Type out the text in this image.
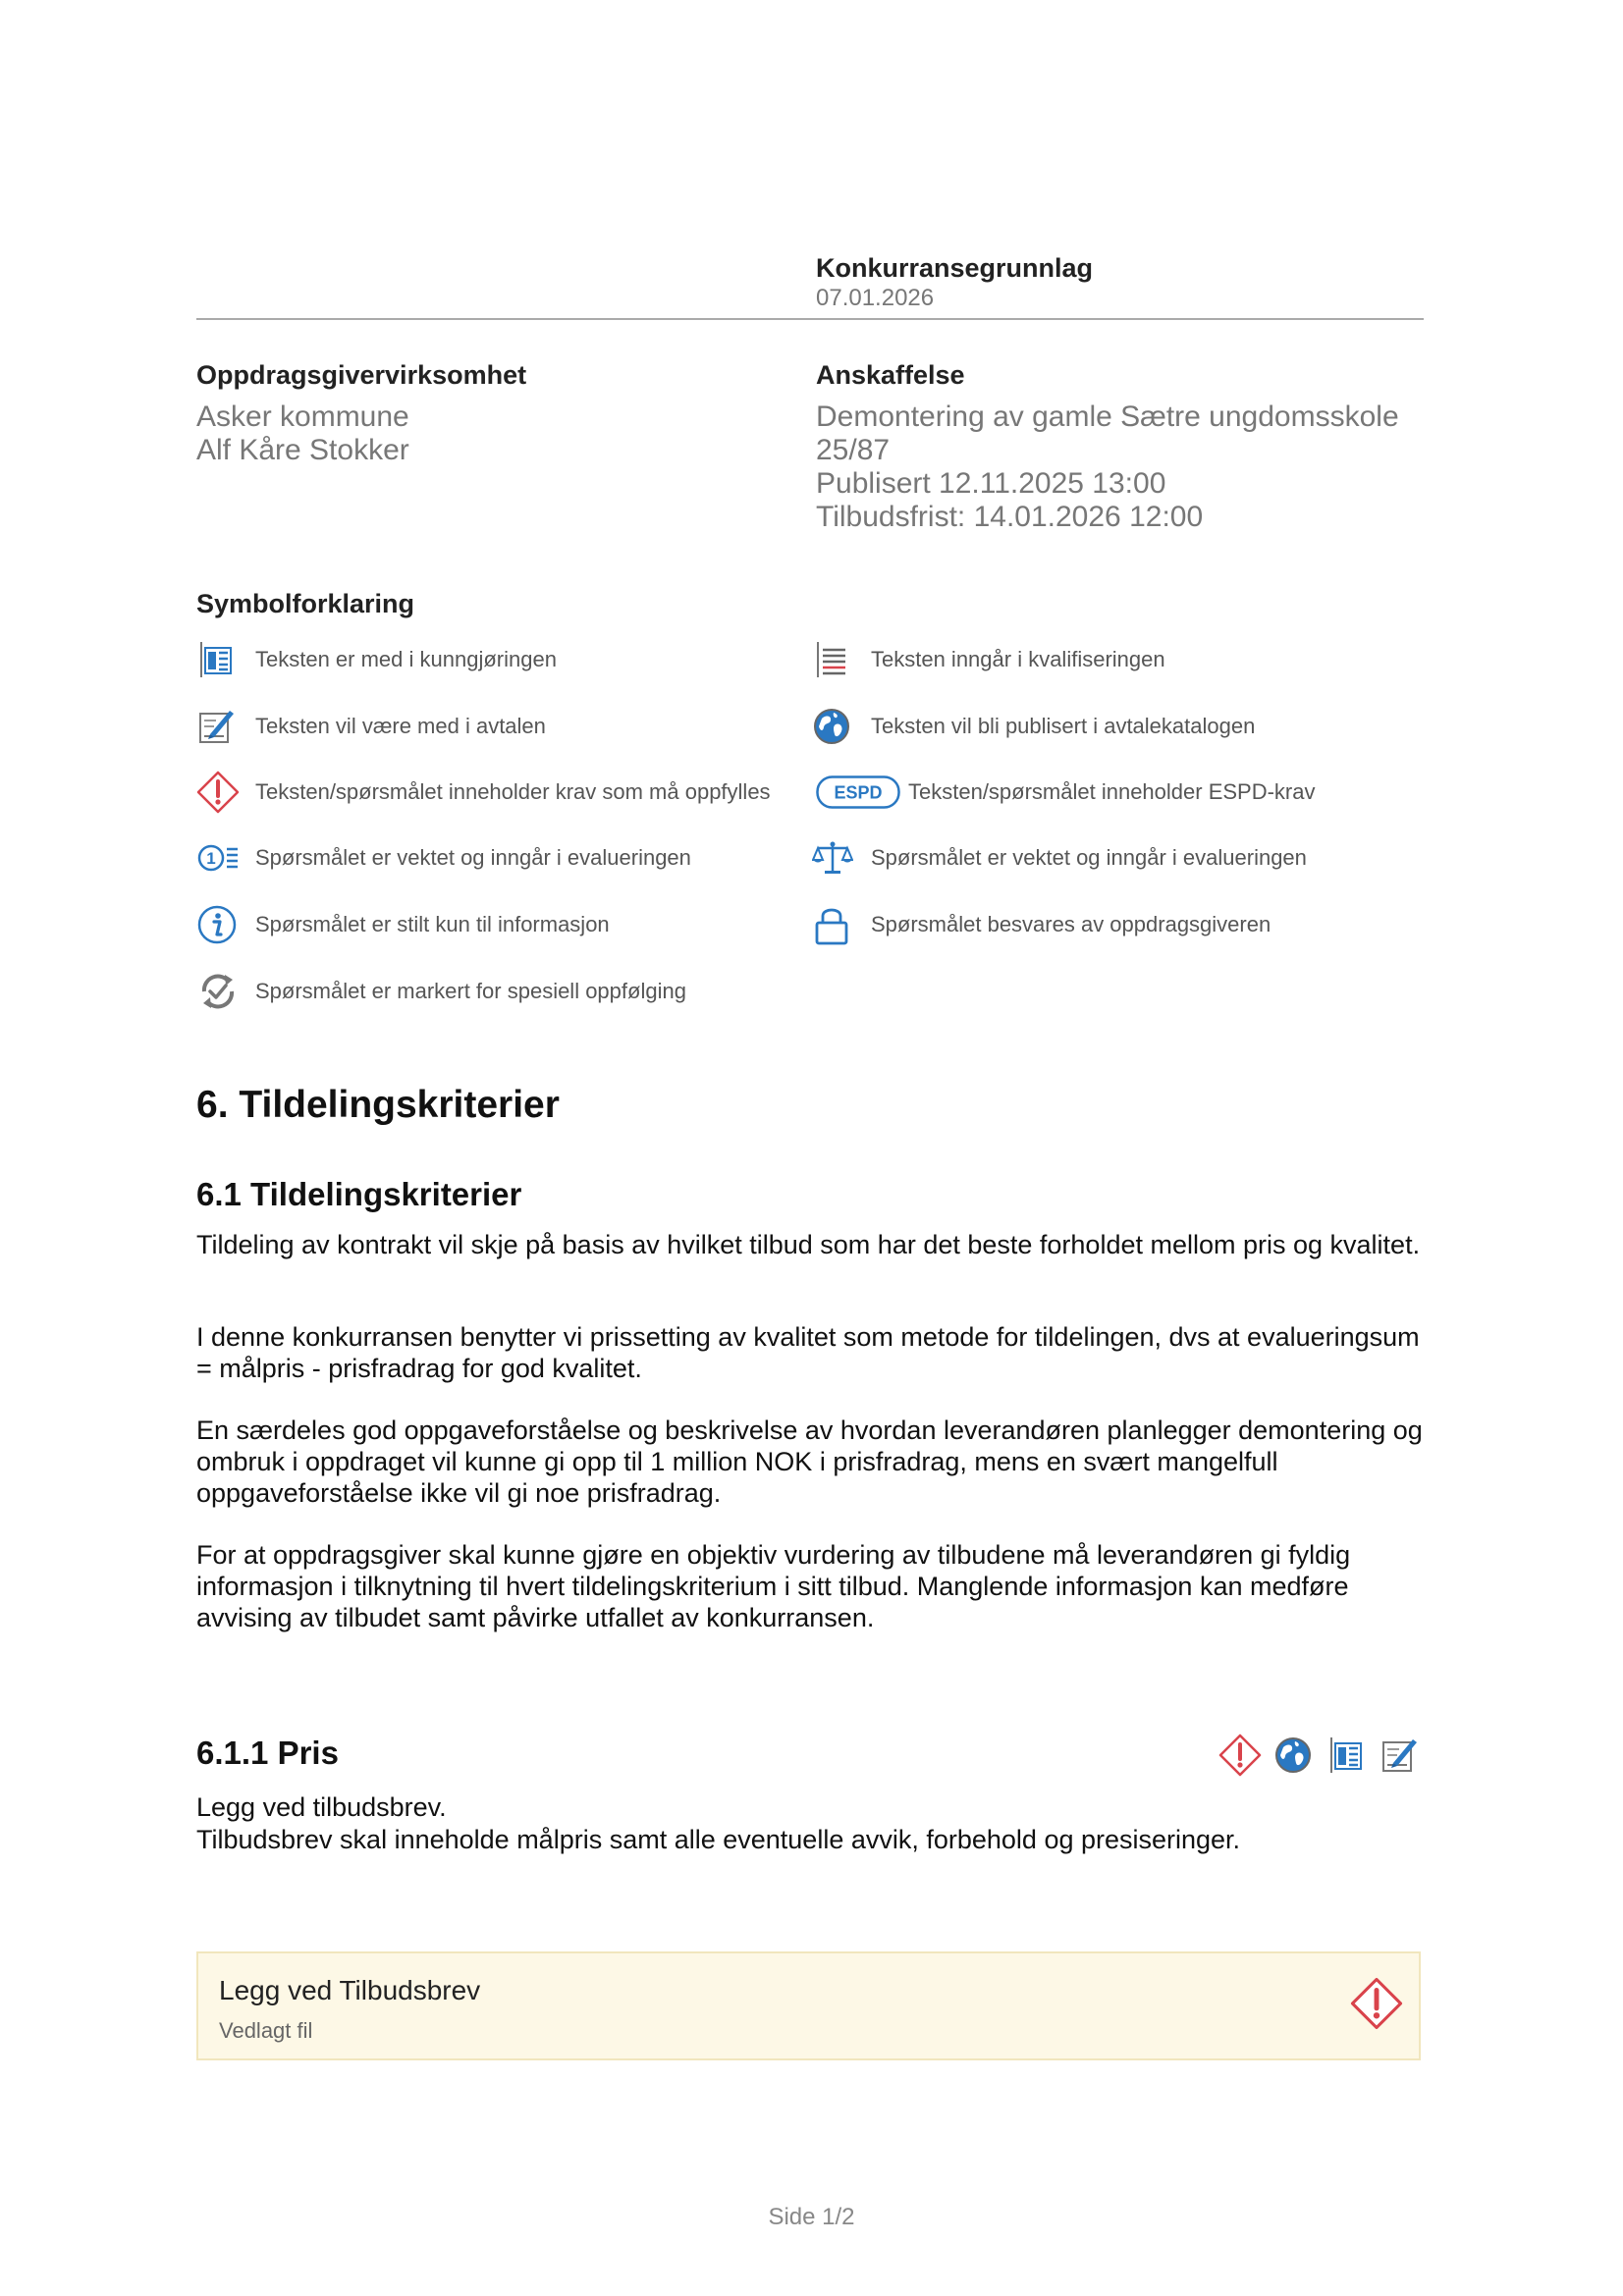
Konkurransegrunnlag
07.01.2026
Oppdragsgivervirksomhet
Asker kommune
Alf Kåre Stokker
Anskaffelse
Demontering av gamle Sætre ungdomsskole
25/87
Publisert 12.11.2025 13:00
Tilbudsfrist: 14.01.2026 12:00
Symbolforklaring
Teksten er med i kunngjøringen	Teksten inngår i kvalifiseringen
Teksten vil være med i avtalen	Teksten vil bli publisert i avtalekatalogen
Teksten/spørsmålet inneholder krav som må oppfylles	ESPD Teksten/spørsmålet inneholder ESPD-krav
1 Spørsmålet er vektet og inngår i evalueringen	Spørsmålet er vektet og inngår i evalueringen
Spørsmålet er stilt kun til informasjon	Spørsmålet besvares av oppdragsgiveren
Spørsmålet er markert for spesiell oppfølging
6. Tildelingskriterier
6.1 Tildelingskriterier
Tildeling av kontrakt vil skje på basis av hvilket tilbud som har det beste forholdet mellom pris og kvalitet.
I denne konkurransen benytter vi prissetting av kvalitet som metode for tildelingen, dvs at evalueringsum = målpris - prisfradrag for god kvalitet.
En særdeles god oppgaveforståelse og beskrivelse av hvordan leverandøren planlegger demontering og ombruk i oppdraget vil kunne gi opp til 1 million NOK i prisfradrag, mens en svært mangelfull oppgaveforståelse ikke vil gi noe prisfradrag.
For at oppdragsgiver skal kunne gjøre en objektiv vurdering av tilbudene må leverandøren gi fyldig informasjon i tilknytning til hvert tildelingskriterium i sitt tilbud. Manglende informasjon kan medføre avvising av tilbudet samt påvirke utfallet av konkurransen.
6.1.1 Pris
Legg ved tilbudsbrev.
Tilbudsbrev skal inneholde målpris samt alle eventuelle avvik, forbehold og presiseringer.
Legg ved Tilbudsbrev
Vedlagt fil
Side 1/2
